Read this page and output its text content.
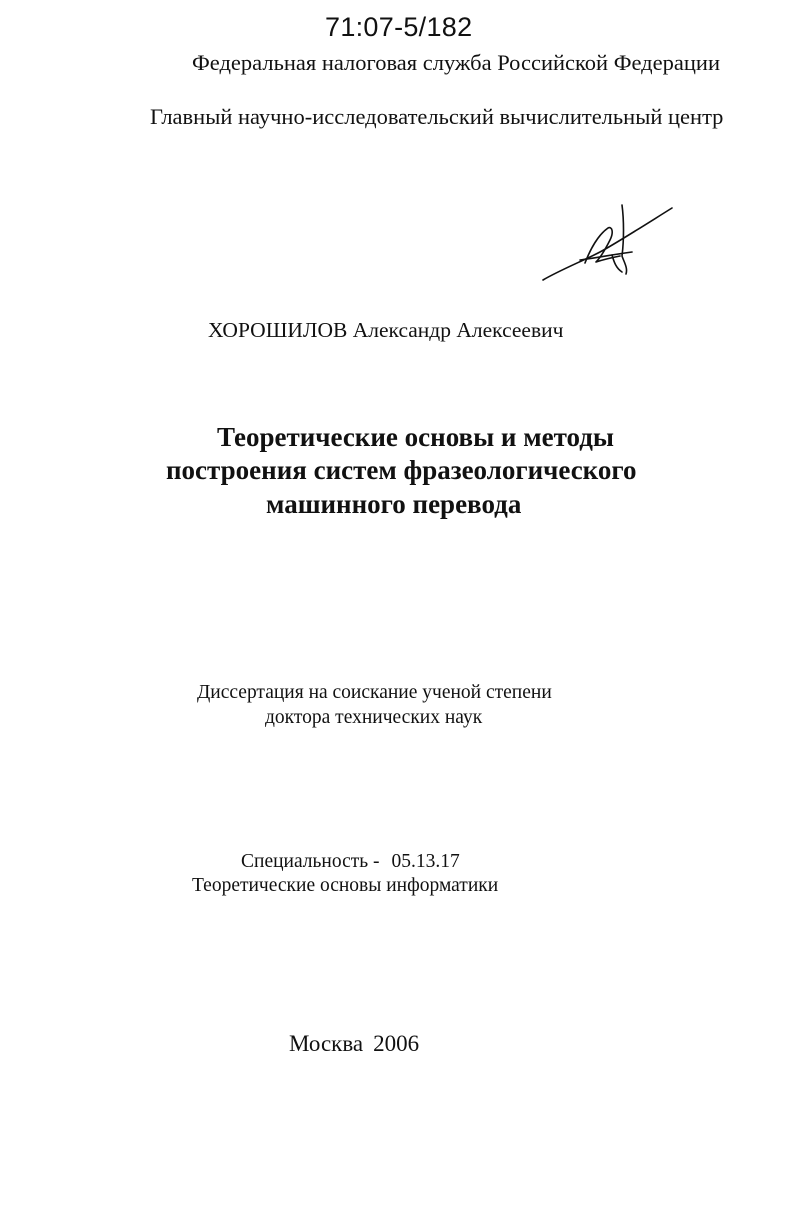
71:07-5/182
Федеральная налоговая служба Российской Федерации
Главный научно-исследовательский вычислительный центр
ХОРОШИЛОВ Александр Алексеевич
Теоретические основы и методы
построения систем фразеологического
машинного перевода
Диссертация на соискание ученой степени
доктора технических наук
Специальность - 05.13.17
Теоретические основы информатики
Москва 2006
